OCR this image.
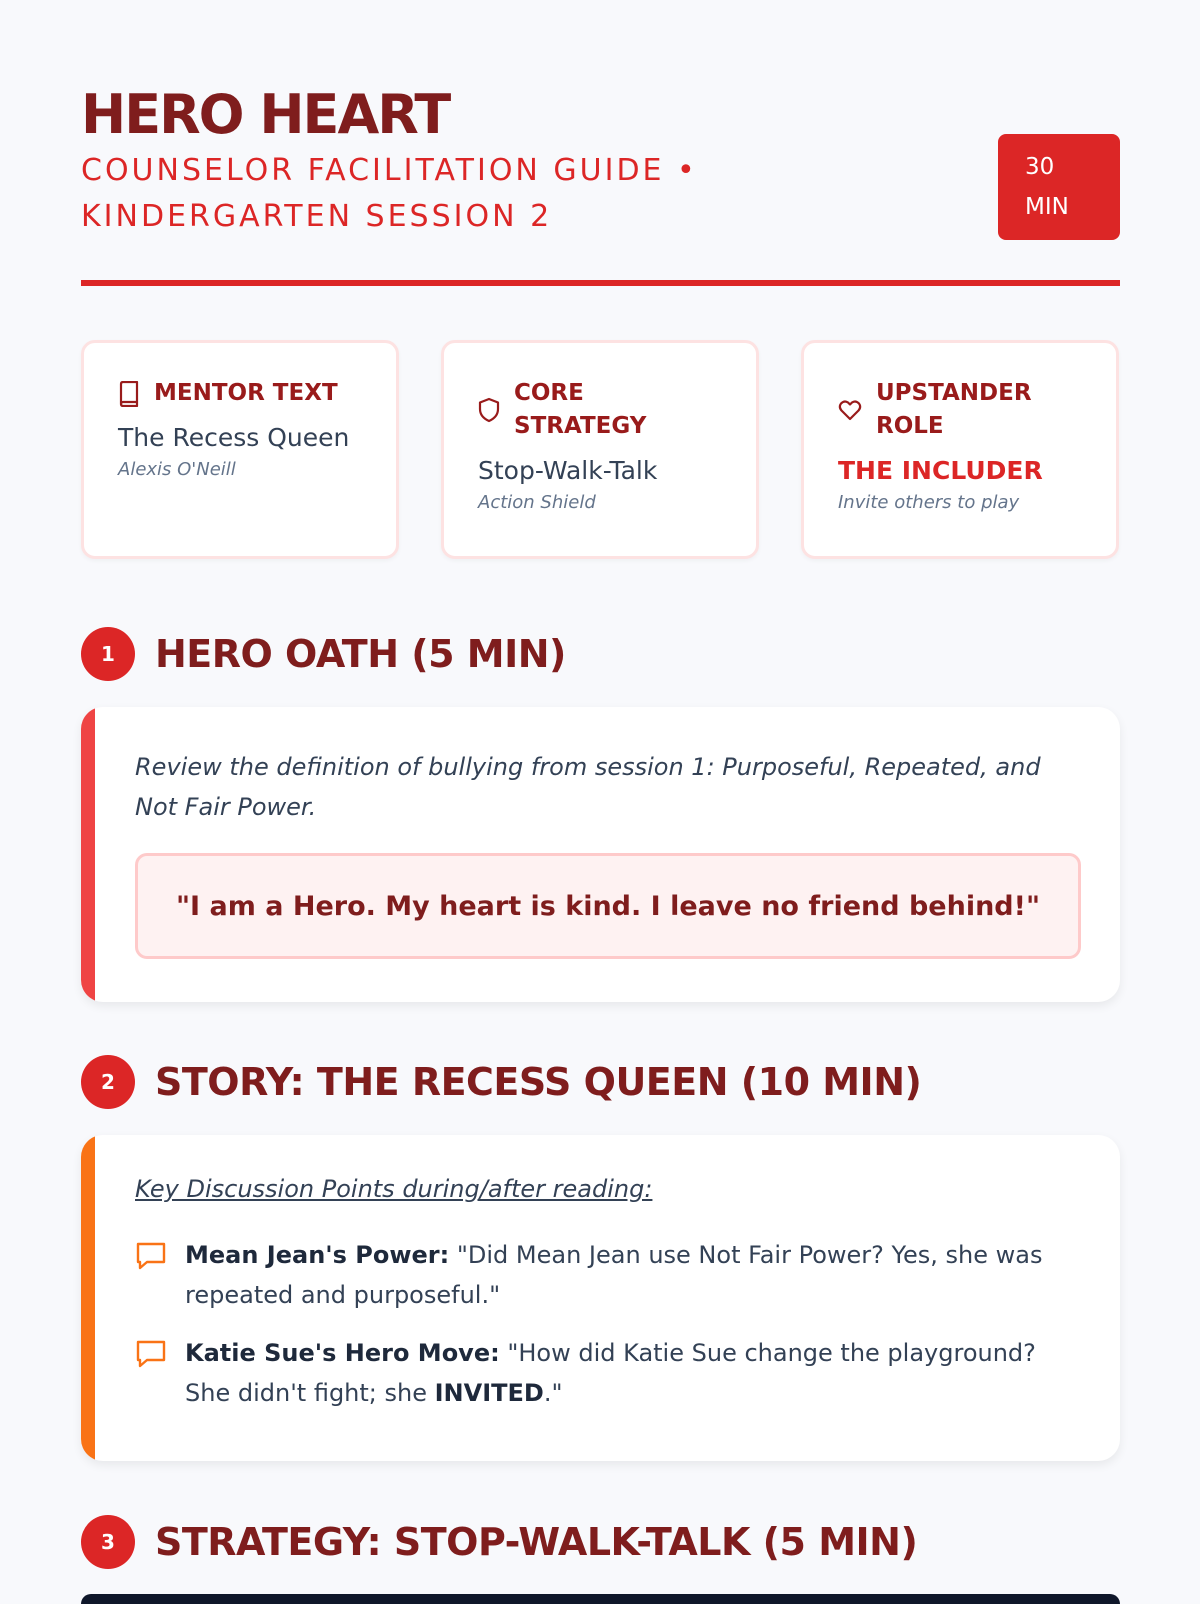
HERO HEART
COUNSELOR FACILITATION GUIDE • KINDERGARTEN SESSION 2
30
MIN
MENTOR TEXT
The Recess Queen
Alexis O'Neill
CORE STRATEGY
Stop-Walk-Talk
Action Shield
UPSTANDER ROLE
THE INCLUDER
Invite others to play
1	HERO OATH (5 MIN)
Review the definition of bullying from session 1: Purposeful, Repeated, and Not Fair Power.
"I am a Hero. My heart is kind. I leave no friend behind!"
2	STORY: THE RECESS QUEEN (10 MIN)
Key Discussion Points during/after reading:
Mean Jean's Power: "Did Mean Jean use Not Fair Power? Yes, she was repeated and purposeful."
Katie Sue's Hero Move: "How did Katie Sue change the playground? She didn't fight; she INVITED."
3	STRATEGY: STOP-WALK-TALK (5 MIN)
